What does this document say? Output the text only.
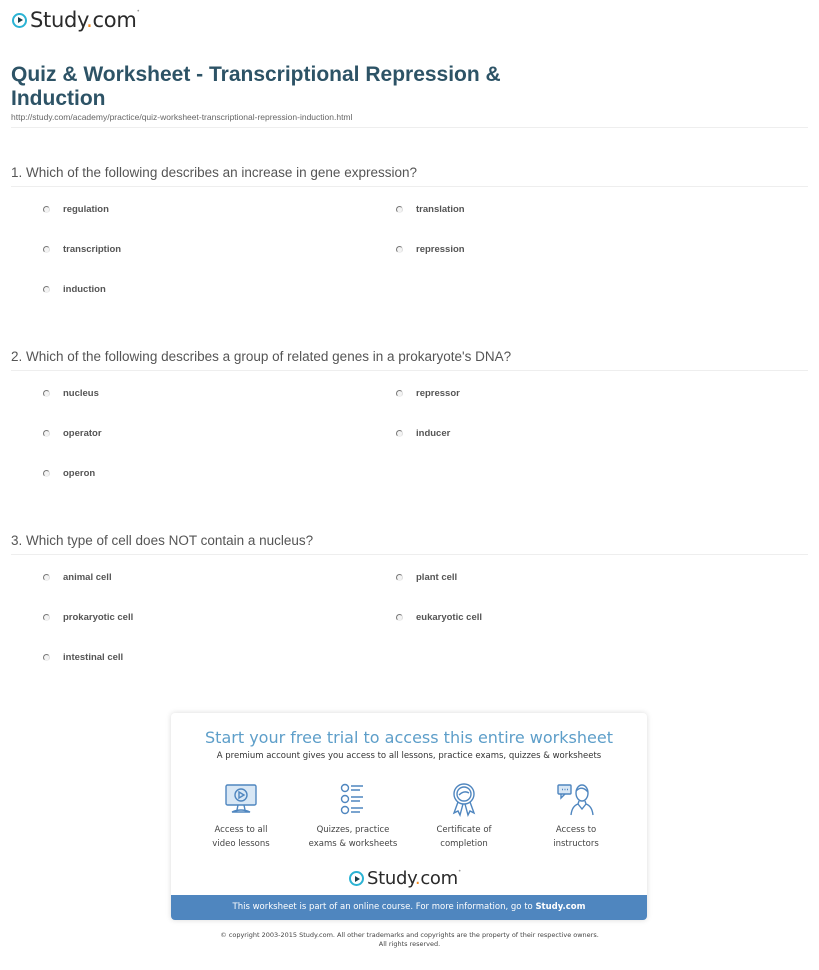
Study.com•
Quiz & Worksheet - Transcriptional Repression & Induction
http://study.com/academy/practice/quiz-worksheet-transcriptional-repression-induction.html
1. Which of the following describes an increase in gene expression?
regulation	translation
transcription	repression
induction
2. Which of the following describes a group of related genes in a prokaryote's DNA?
nucleus	repressor
operator	inducer
operon
3. Which type of cell does NOT contain a nucleus?
animal cell	plant cell
prokaryotic cell	eukaryotic cell
intestinal cell
Start your free trial to access this entire worksheet
A premium account gives you access to all lessons, practice exams, quizzes & worksheets
Access to all
video lessons
Quizzes, practice
exams & worksheets
Certificate of
completion
Access to
instructors
Study.com•
This worksheet is part of an online course. For more information, go to Study.com
© copyright 2003-2015 Study.com. All other trademarks and copyrights are the property of their respective owners.
All rights reserved.
